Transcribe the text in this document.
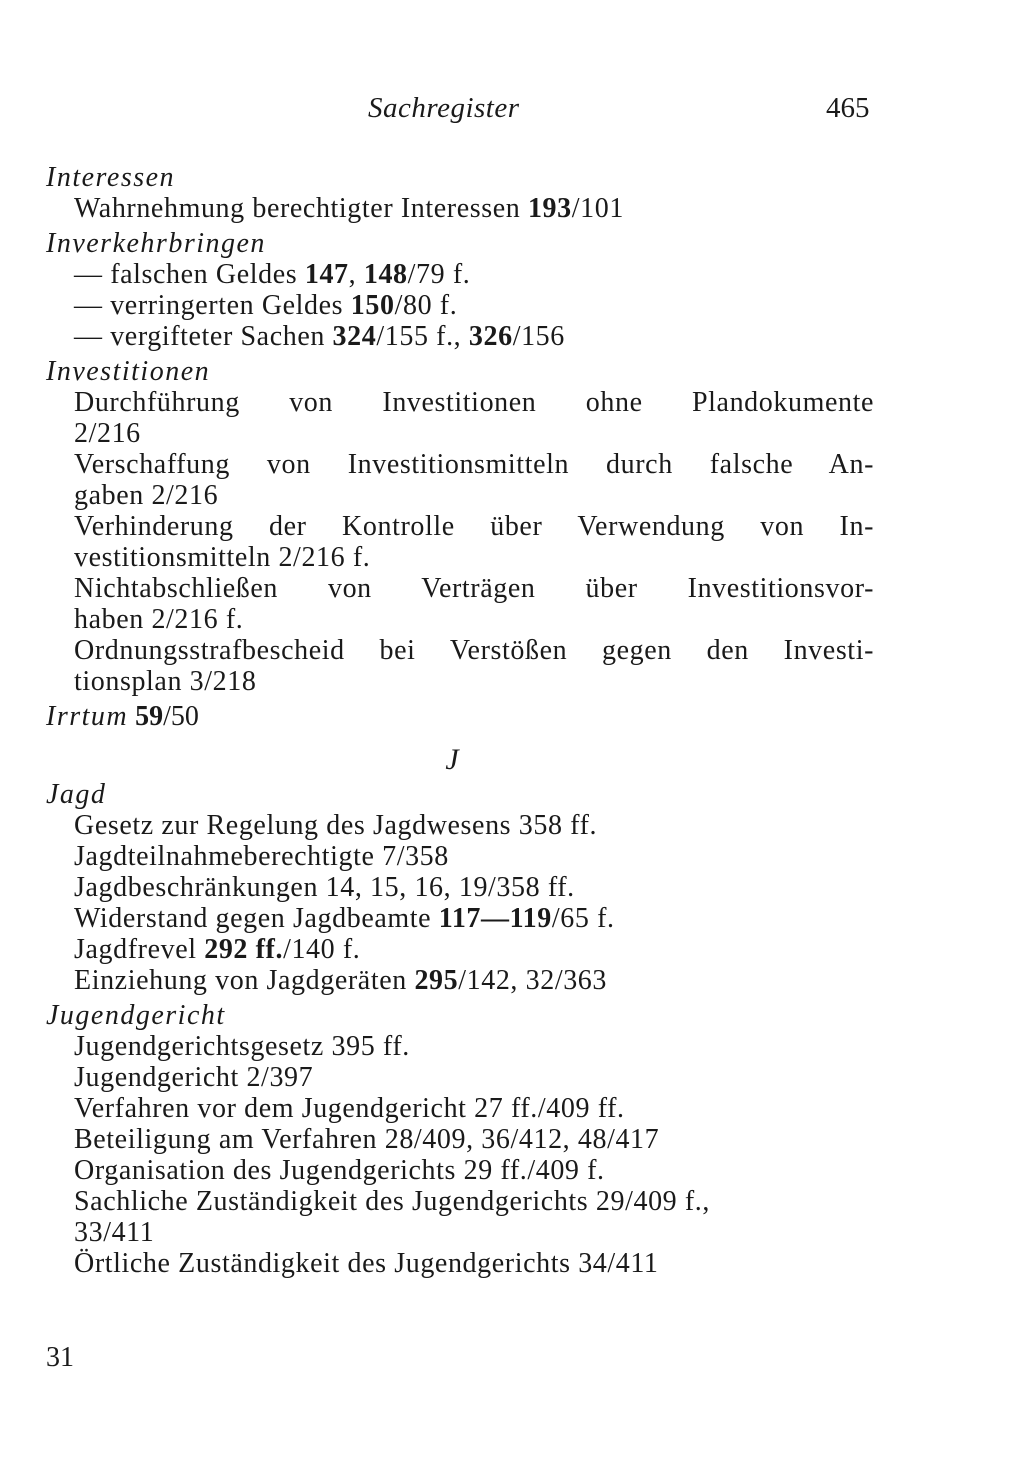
Sachregister	465
Interessen
Wahrnehmung berechtigter Interessen 193/101
Inverkehrbringen
— falschen Geldes 147, 148/79 f.
— verringerten Geldes 150/80 f.
— vergifteter Sachen 324/155 f., 326/156
Investitionen
Durchführung von Investitionen ohne Plandokumente
2/216
Verschaffung von Investitionsmitteln durch falsche An-
gaben 2/216
Verhinderung der Kontrolle über Verwendung von In-
vestitionsmitteln 2/216 f.
Nichtabschließen von Verträgen über Investitionsvor-
haben 2/216 f.
Ordnungsstrafbescheid bei Verstößen gegen den Investi-
tionsplan 3/218
Irrtum 59/50
J
Jagd
Gesetz zur Regelung des Jagdwesens 358 ff.
Jagdteilnahmeberechtigte 7/358
Jagdbeschränkungen 14, 15, 16, 19/358 ff.
Widerstand gegen Jagdbeamte 117—119/65 f.
Jagdfrevel 292 ff./140 f.
Einziehung von Jagdgeräten 295/142, 32/363
Jugendgericht
Jugendgerichtsgesetz 395 ff.
Jugendgericht 2/397
Verfahren vor dem Jugendgericht 27 ff./409 ff.
Beteiligung am Verfahren 28/409, 36/412, 48/417
Organisation des Jugendgerichts 29 ff./409 f.
Sachliche Zuständigkeit des Jugendgerichts 29/409 f.,
33/411
Örtliche Zuständigkeit des Jugendgerichts 34/411
31
